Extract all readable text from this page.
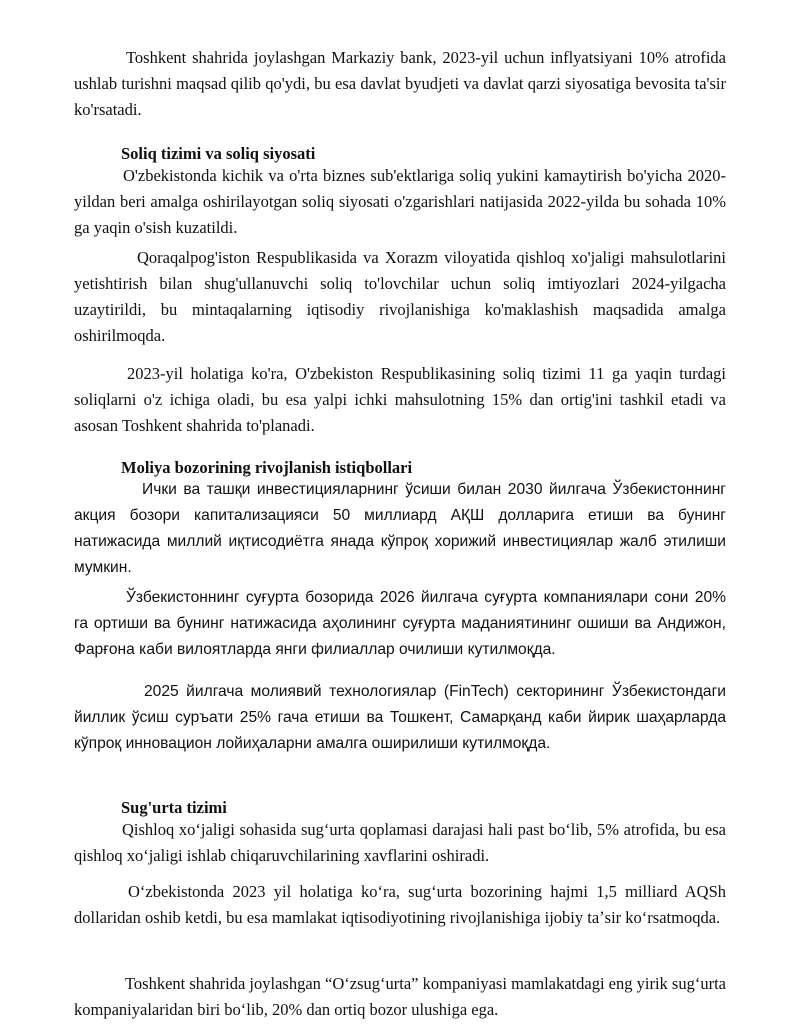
Toshkent shahrida joylashgan Markaziy bank, 2023-yil uchun inflyatsiyani 10% atrofida ushlab turishni maqsad qilib qo'ydi, bu esa davlat byudjeti va davlat qarzi siyosatiga bevosita ta'sir ko'rsatadi.

Soliq tizimi va soliq siyosati

O'zbekistonda kichik va o'rta biznes sub'ektlariga soliq yukini kamaytirish bo'yicha 2020-yildan beri amalga oshirilayotgan soliq siyosati o'zgarishlari natijasida 2022-yilda bu sohada 10% ga yaqin o'sish kuzatildi.

Qoraqalpog'iston Respublikasida va Xorazm viloyatida qishloq xo'jaligi mahsulotlarini yetishtirish bilan shug'ullanuvchi soliq to'lovchilar uchun soliq imtiyozlari 2024-yilgacha uzaytirildi, bu mintaqalarning iqtisodiy rivojlanishiga ko'maklashish maqsadida amalga oshirilmoqda.

2023-yil holatiga ko'ra, O'zbekiston Respublikasining soliq tizimi 11 ga yaqin turdagi soliqlarni o'z ichiga oladi, bu esa yalpi ichki mahsulotning 15% dan ortig'ini tashkil etadi va asosan Toshkent shahrida to'planadi.

Moliya bozorining rivojlanish istiqbollari

Ички ва ташқи инвестицияларнинг ўсиши билан 2030 йилгача Ўзбекистоннинг акция бозори капитализацияси 50 миллиард АҚШ долларига етиши ва бунинг натижасида миллий иқтисодиётга янада кўпроқ хорижий инвестициялар жалб этилиши мумкин.

Ўзбекистоннинг суғурта бозорида 2026 йилгача суғурта компаниялари сони 20% га ортиши ва бунинг натижасида аҳолининг суғурта маданиятининг ошиши ва Андижон, Фарғона каби вилоятларда янги филиаллар очилиши кутилмоқда.

2025 йилгача молиявий технологиялар (FinTech) секторининг Ўзбекистондаги йиллик ўсиш суръати 25% гача етиши ва Тошкент, Самарқанд каби йирик шаҳарларда кўпроқ инновацион лойиҳаларни амалга оширилиши кутилмоқда.

Sug'urta tizimi

Qishloq xoʻjaligi sohasida sugʻurta qoplamasi darajasi hali past boʻlib, 5% atrofida, bu esa qishloq xoʻjaligi ishlab chiqaruvchilarining xavflarini oshiradi.

Oʻzbekistonda 2023 yil holatiga koʻra, sugʻurta bozorining hajmi 1,5 milliard AQSh dollaridan oshib ketdi, bu esa mamlakat iqtisodiyotining rivojlanishiga ijobiy taʼsir koʻrsatmoqda.

Toshkent shahrida joylashgan “Oʻzsugʻurta” kompaniyasi mamlakatdagi eng yirik sugʻurta kompaniyalaridan biri boʻlib, 20% dan ortiq bozor ulushiga ega.
